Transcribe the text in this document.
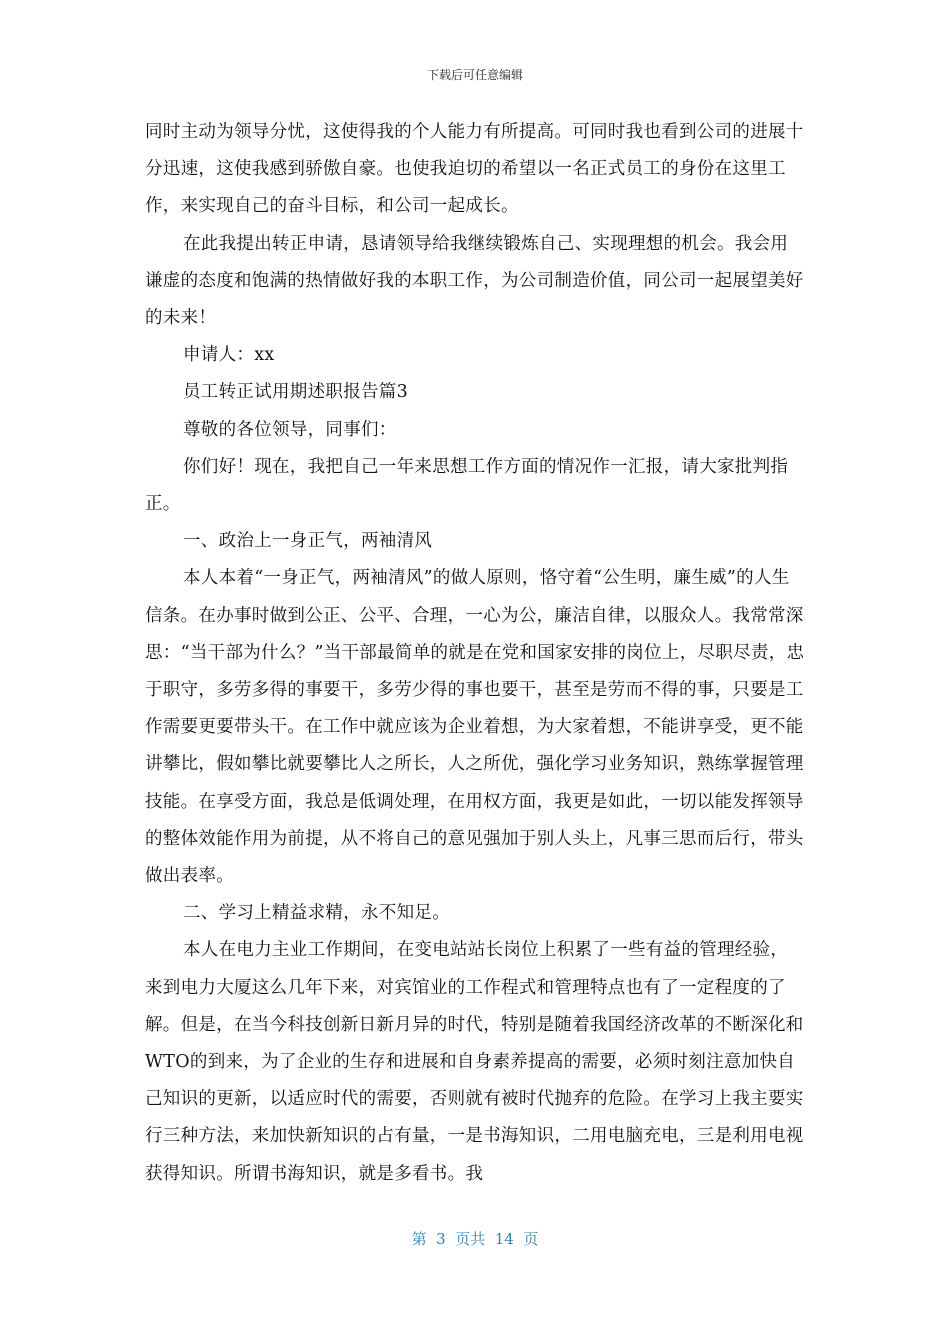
下载后可任意编辑

同时主动为领导分忧，这使得我的个人能力有所提高。可同时我也看到公司的进展十分迅速，这使我感到骄傲自豪。也使我迫切的希望以一名正式员工的身份在这里工作，来实现自己的奋斗目标，和公司一起成长。

在此我提出转正申请，恳请领导给我继续锻炼自己、实现理想的机会。我会用谦虚的态度和饱满的热情做好我的本职工作，为公司制造价值，同公司一起展望美好的未来！

申请人：xx

员工转正试用期述职报告篇3

尊敬的各位领导，同事们：

你们好！现在，我把自己一年来思想工作方面的情况作一汇报，请大家批判指正。

一、政治上一身正气，两袖清风

本人本着“一身正气，两袖清风”的做人原则，恪守着“公生明，廉生威”的人生信条。在办事时做到公正、公平、合理，一心为公，廉洁自律，以服众人。我常常深思：“当干部为什么？”当干部最简单的就是在党和国家安排的岗位上，尽职尽责，忠于职守，多劳多得的事要干，多劳少得的事也要干，甚至是劳而不得的事，只要是工作需要更要带头干。在工作中就应该为企业着想，为大家着想，不能讲享受，更不能讲攀比，假如攀比就要攀比人之所长，人之所优，强化学习业务知识，熟练掌握管理技能。在享受方面，我总是低调处理，在用权方面，我更是如此，一切以能发挥领导的整体效能作用为前提，从不将自己的意见强加于别人头上，凡事三思而后行，带头做出表率。

二、学习上精益求精，永不知足。

本人在电力主业工作期间，在变电站站长岗位上积累了一些有益的管理经验，来到电力大厦这么几年下来，对宾馆业的工作程式和管理特点也有了一定程度的了解。但是，在当今科技创新日新月异的时代，特别是随着我国经济改革的不断深化和WTO的到来，为了企业的生存和进展和自身素养提高的需要，必须时刻注意加快自己知识的更新，以适应时代的需要，否则就有被时代抛弃的危险。在学习上我主要实行三种方法，来加快新知识的占有量，一是书海知识，二用电脑充电，三是利用电视获得知识。所谓书海知识，就是多看书。我

第  3  页共  14  页
